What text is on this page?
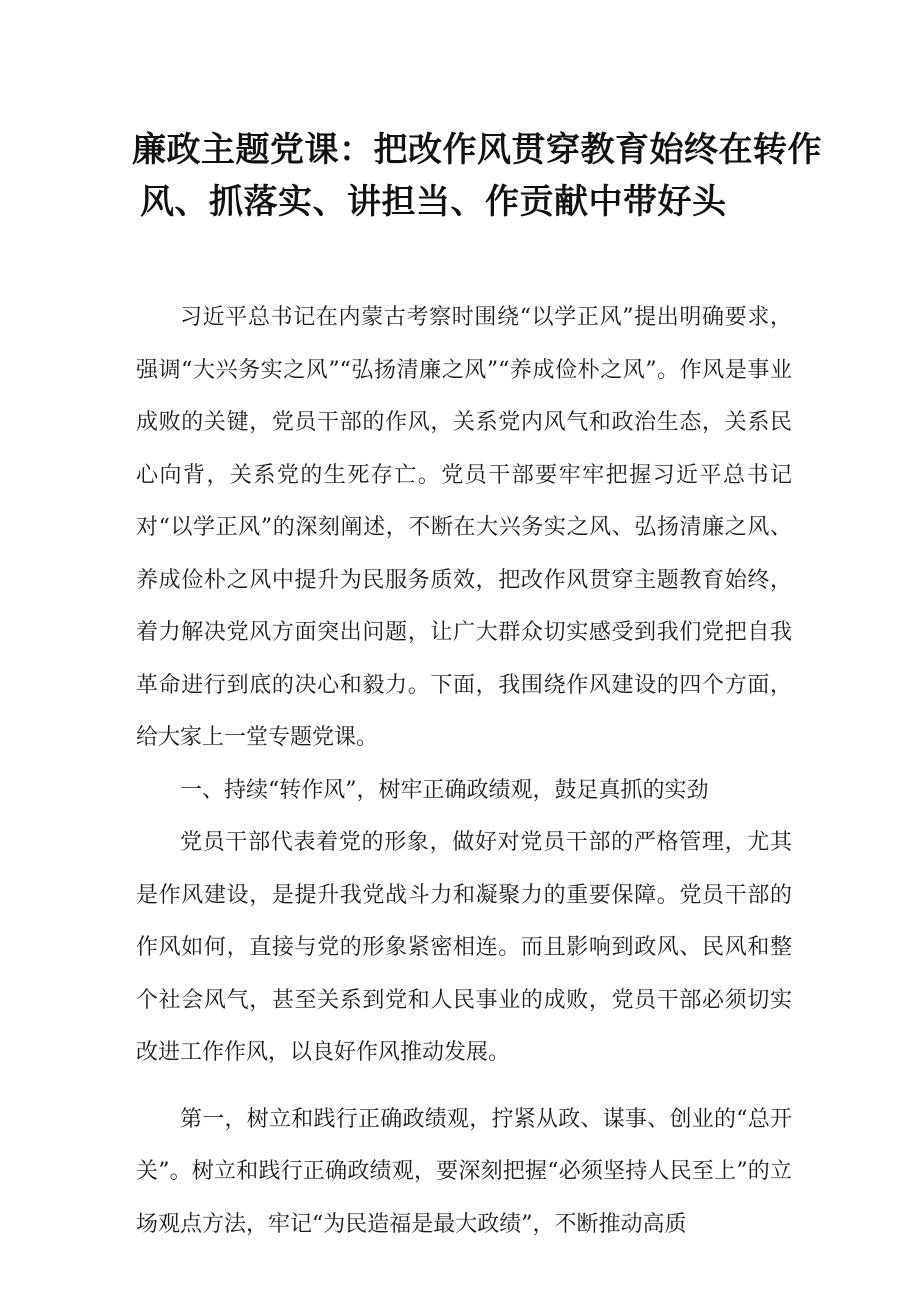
廉政主题党课：把改作风贯穿教育始终在转作
风、抓落实、讲担当、作贡献中带好头

习近平总书记在内蒙古考察时围绕“以学正风”提出明确要求，强调“大兴务实之风”“弘扬清廉之风”“养成俭朴之风”。作风是事业成败的关键，党员干部的作风，关系党内风气和政治生态，关系民心向背，关系党的生死存亡。党员干部要牢牢把握习近平总书记对“以学正风”的深刻阐述，不断在大兴务实之风、弘扬清廉之风、养成俭朴之风中提升为民服务质效，把改作风贯穿主题教育始终，着力解决党风方面突出问题，让广大群众切实感受到我们党把自我革命进行到底的决心和毅力。下面，我围绕作风建设的四个方面，给大家上一堂专题党课。

一、持续“转作风”，树牢正确政绩观，鼓足真抓的实劲

党员干部代表着党的形象，做好对党员干部的严格管理，尤其是作风建设，是提升我党战斗力和凝聚力的重要保障。党员干部的作风如何，直接与党的形象紧密相连。而且影响到政风、民风和整个社会风气，甚至关系到党和人民事业的成败，党员干部必须切实改进工作作风，以良好作风推动发展。

第一，树立和践行正确政绩观，拧紧从政、谋事、创业的“总开关”。树立和践行正确政绩观，要深刻把握“必须坚持人民至上”的立场观点方法，牢记“为民造福是最大政绩”，不断推动高质
